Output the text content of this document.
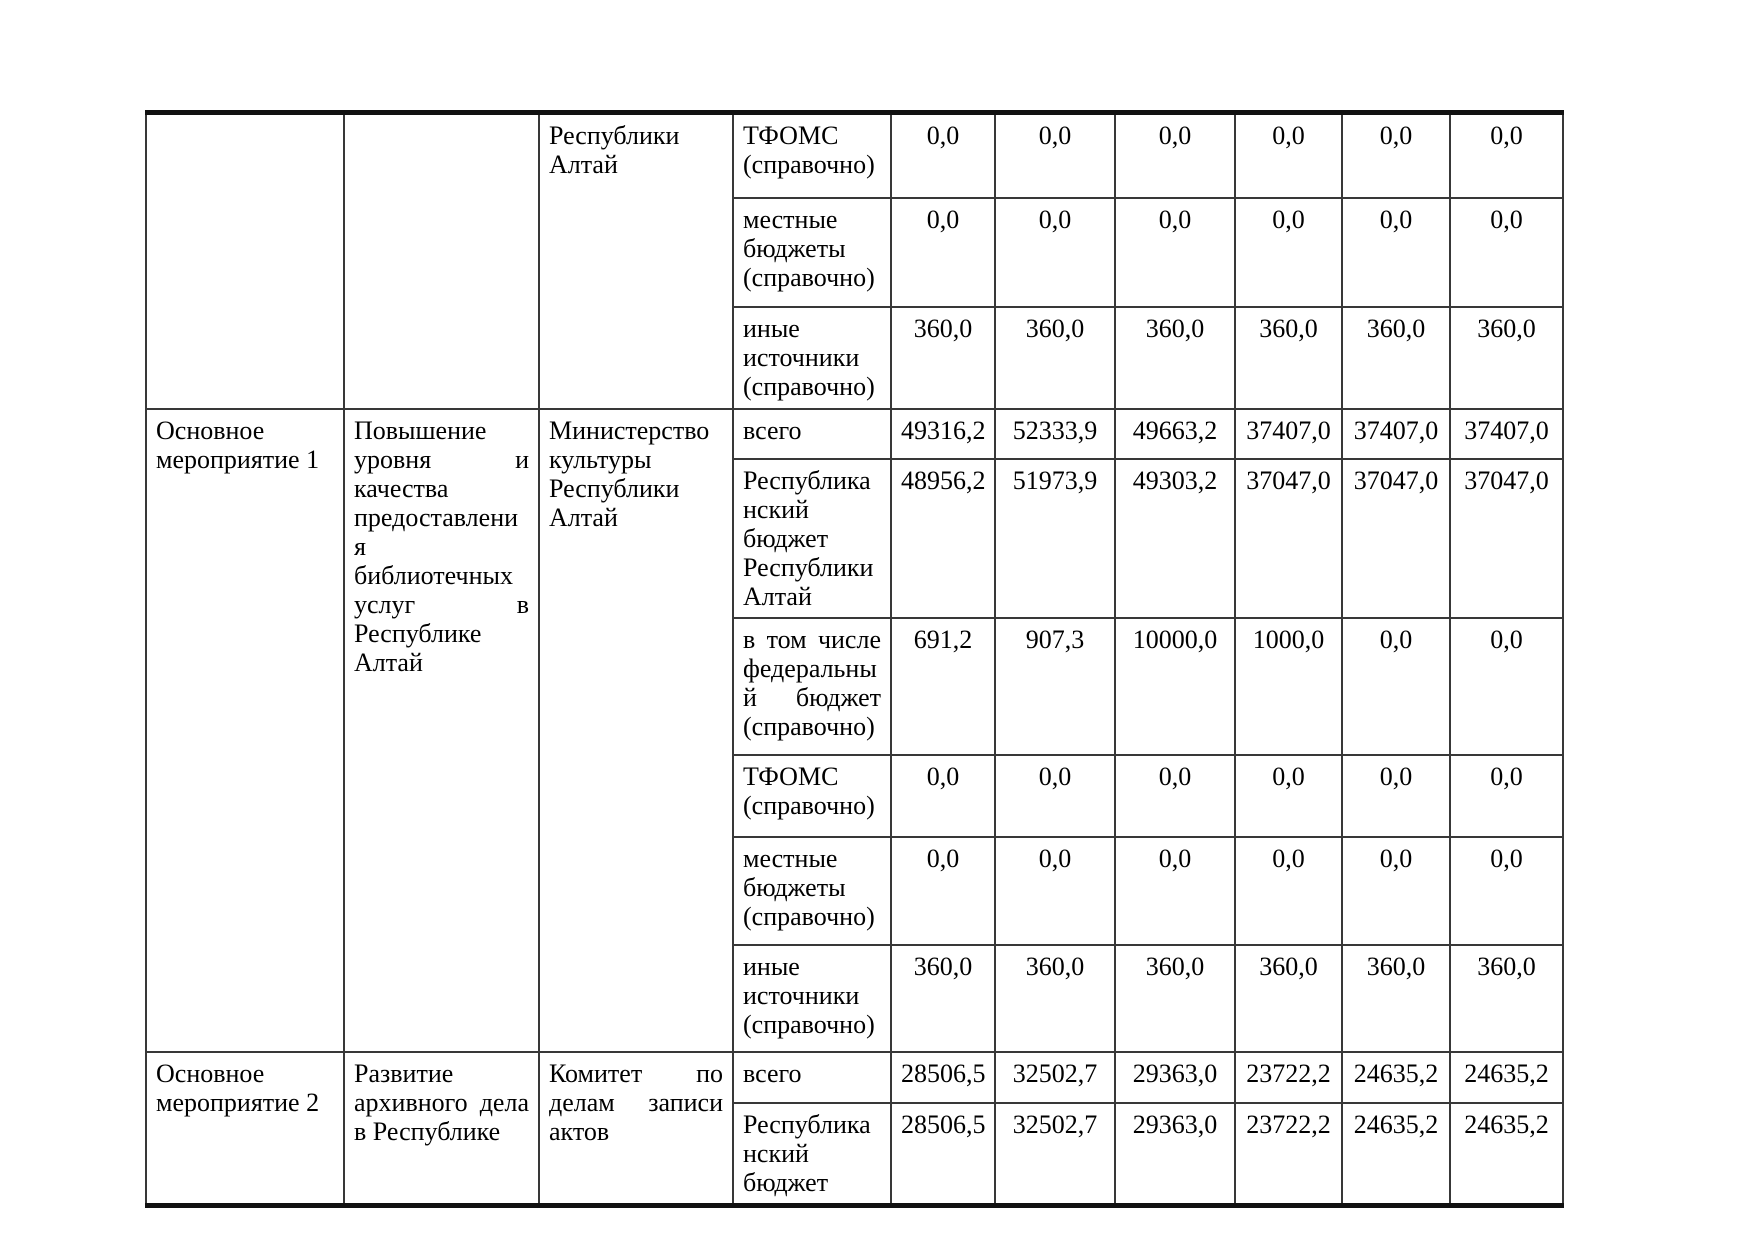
		Республики Алтай	ТФОМС (справочно)	0,0	0,0	0,0	0,0	0,0	0,0
			местные бюджеты (справочно)	0,0	0,0	0,0	0,0	0,0	0,0
			иные источники (справочно)	360,0	360,0	360,0	360,0	360,0	360,0
Основное мероприятие 1	Повышение уровня и качества предоставления библиотечных услуг в Республике Алтай	Министерство культуры Республики Алтай	всего	49316,2	52333,9	49663,2	37407,0	37407,0	37407,0
			Республиканский бюджет Республики Алтай	48956,2	51973,9	49303,2	37047,0	37047,0	37047,0
			в том числе федеральный бюджет (справочно)	691,2	907,3	10000,0	1000,0	0,0	0,0
			ТФОМС (справочно)	0,0	0,0	0,0	0,0	0,0	0,0
			местные бюджеты (справочно)	0,0	0,0	0,0	0,0	0,0	0,0
			иные источники (справочно)	360,0	360,0	360,0	360,0	360,0	360,0
Основное мероприятие 2	Развитие архивного дела в Республике	Комитет по делам записи актов	всего	28506,5	32502,7	29363,0	23722,2	24635,2	24635,2
			Республиканский бюджет	28506,5	32502,7	29363,0	23722,2	24635,2	24635,2
